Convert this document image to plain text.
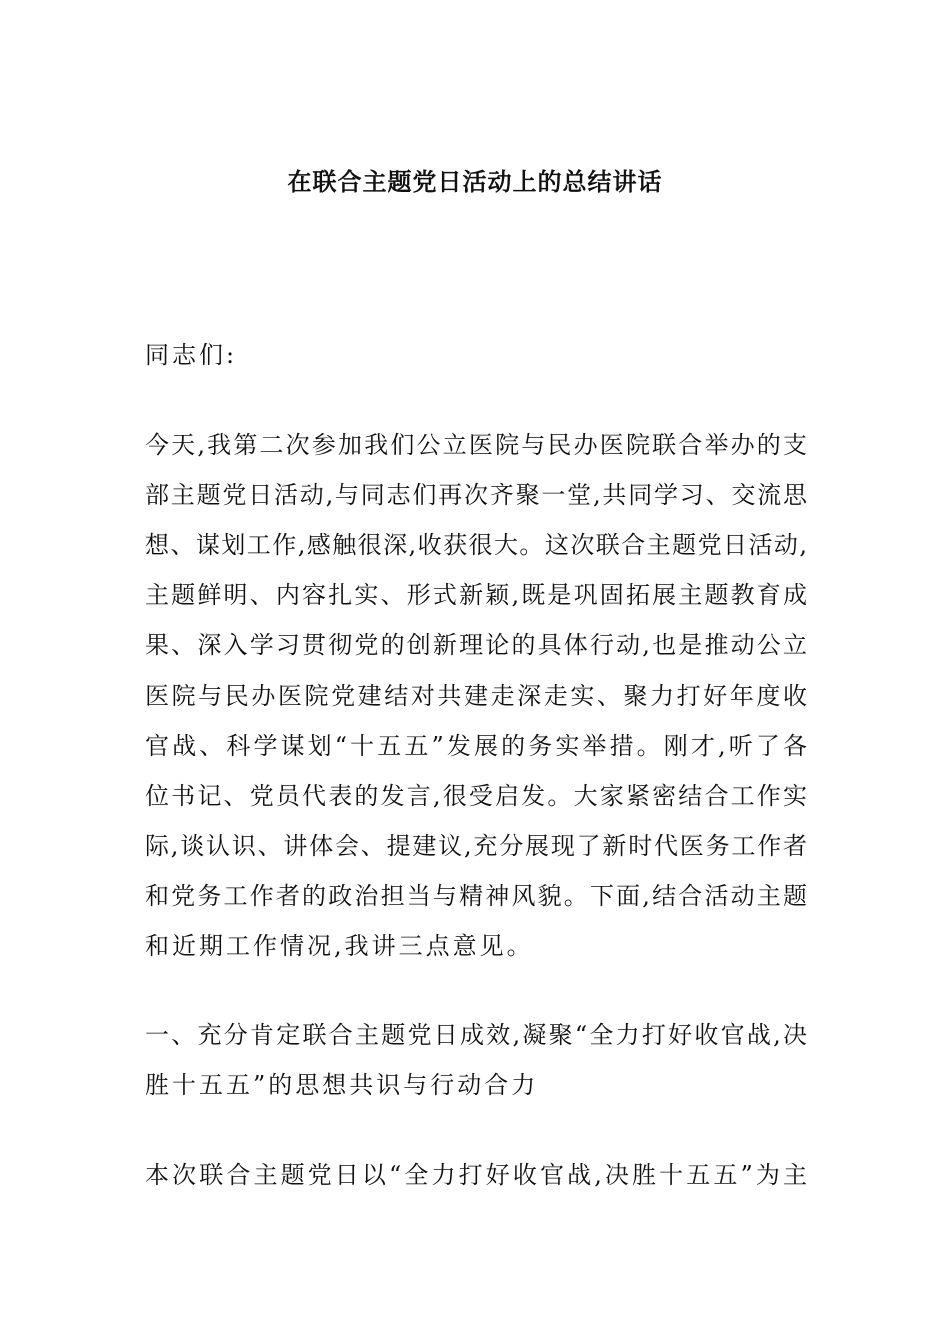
在联合主题党日活动上的总结讲话
同志们:
今天,我第二次参加我们公立医院与民办医院联合举办的支
部主题党日活动,与同志们再次齐聚一堂,共同学习、交流思
想、谋划工作,感触很深,收获很大。这次联合主题党日活动,
主题鲜明、内容扎实、形式新颖,既是巩固拓展主题教育成
果、深入学习贯彻党的创新理论的具体行动,也是推动公立
医院与民办医院党建结对共建走深走实、聚力打好年度收
官战、科学谋划“十五五”发展的务实举措。刚才,听了各
位书记、党员代表的发言,很受启发。大家紧密结合工作实
际,谈认识、讲体会、提建议,充分展现了新时代医务工作者
和党务工作者的政治担当与精神风貌。下面,结合活动主题
和近期工作情况,我讲三点意见。
一、充分肯定联合主题党日成效,凝聚“全力打好收官战,决
胜十五五”的思想共识与行动合力
本次联合主题党日以“全力打好收官战,决胜十五五”为主
